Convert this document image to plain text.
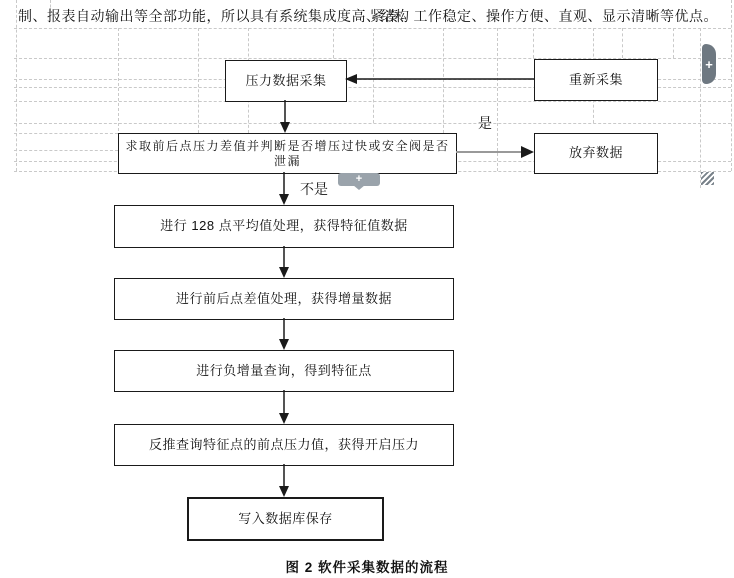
制、报表自动输出等全部功能，所以具有系统集成度高、结构
紧凑、工作稳定、操作方便、直观、显示清晰等优点。
压力数据采集	重新采集
求取前后点压力差值并判断是否增压过快或安全阀是否泄漏
放弃数据
进行 128 点平均值处理，获得特征值数据
进行前后点差值处理，获得增量数据
进行负增量查询，得到特征点
反推查询特征点的前点压力值，获得开启压力
写入数据库保存
是
不是
图 2 软件采集数据的流程
+
+
